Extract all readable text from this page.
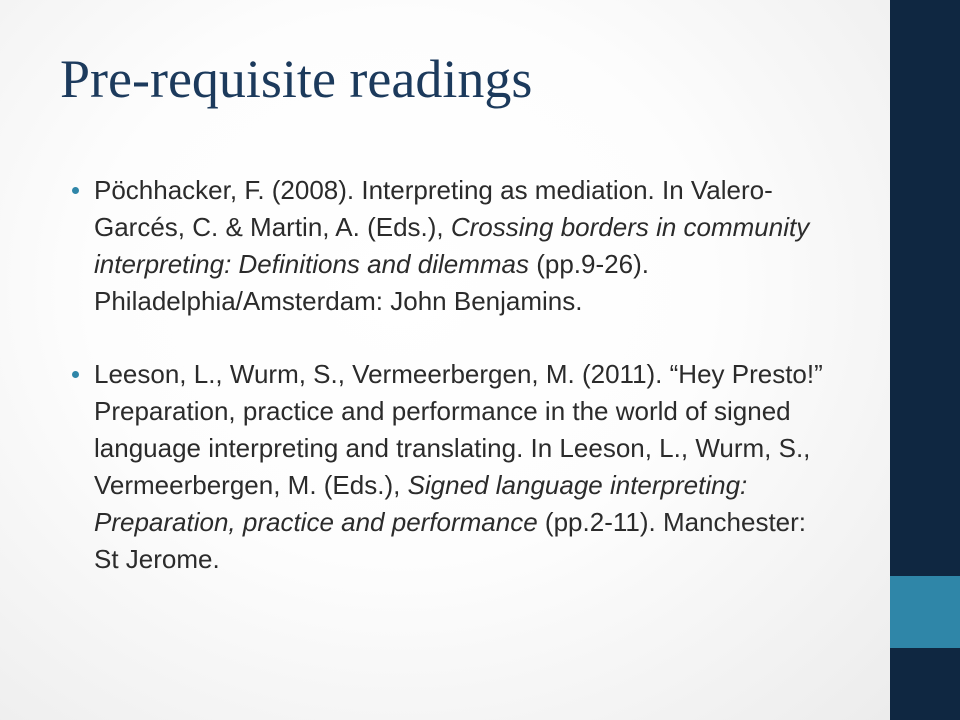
Pre-requisite readings
Pöchhacker, F. (2008). Interpreting as mediation. In Valero-Garcés, C. & Martin, A. (Eds.), Crossing borders in community interpreting: Definitions and dilemmas (pp.9-26). Philadelphia/Amsterdam: John Benjamins.
Leeson, L., Wurm, S., Vermeerbergen, M. (2011). “Hey Presto!” Preparation, practice and performance in the world of signed language interpreting and translating. In Leeson, L., Wurm, S., Vermeerbergen, M. (Eds.), Signed language interpreting: Preparation, practice and performance (pp.2-11). Manchester: St Jerome.
